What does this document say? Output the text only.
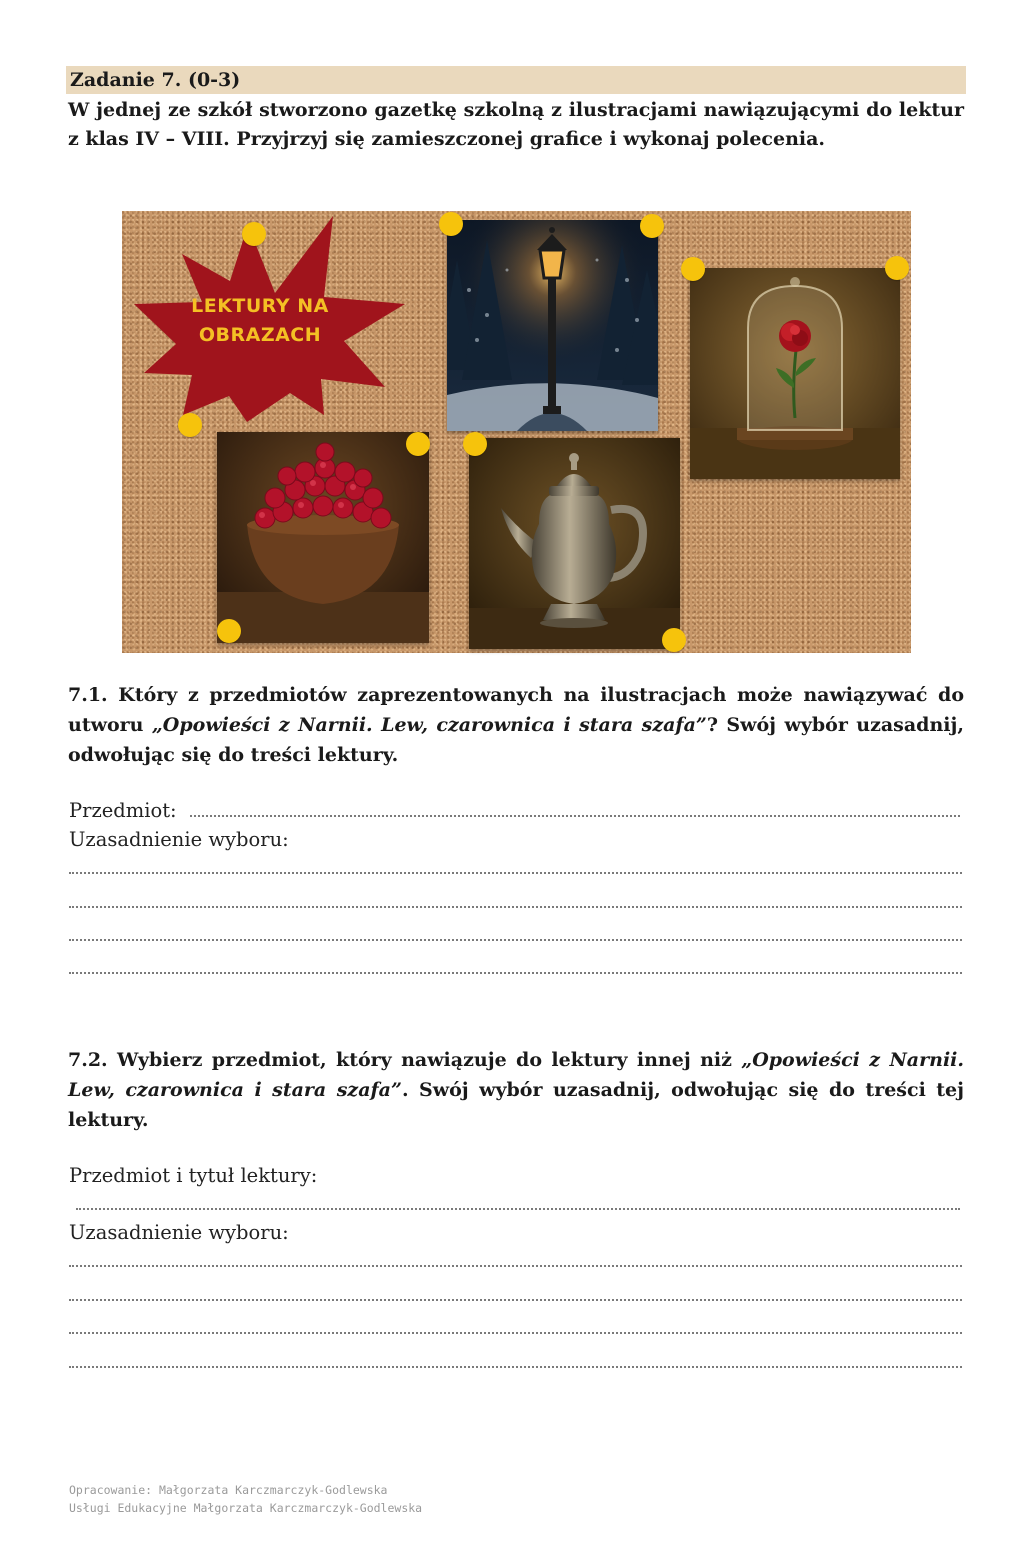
Zadanie 7. (0-3)
W jednej ze szkół stworzono gazetkę szkolną z ilustracjami nawiązującymi do lektur z klas IV – VIII. Przyjrzyj się zamieszczonej grafice i wykonaj polecenia.
LEKTURY NA
OBRAZACH
7.1. Który z przedmiotów zaprezentowanych na ilustracjach może nawiązywać do utworu „Opowieści z Narnii. Lew, czarownica i stara szafa”? Swój wybór uzasadnij, odwołując się do treści lektury.
Przedmiot:
Uzasadnienie wyboru:
7.2. Wybierz przedmiot, który nawiązuje do lektury innej niż „Opowieści z Narnii. Lew, czarownica i stara szafa”. Swój wybór uzasadnij, odwołując się do treści tej lektury.
Przedmiot i tytuł lektury:
Uzasadnienie wyboru:
Opracowanie: Małgorzata Karczmarczyk-Godlewska
Usługi Edukacyjne Małgorzata Karczmarczyk-Godlewska
